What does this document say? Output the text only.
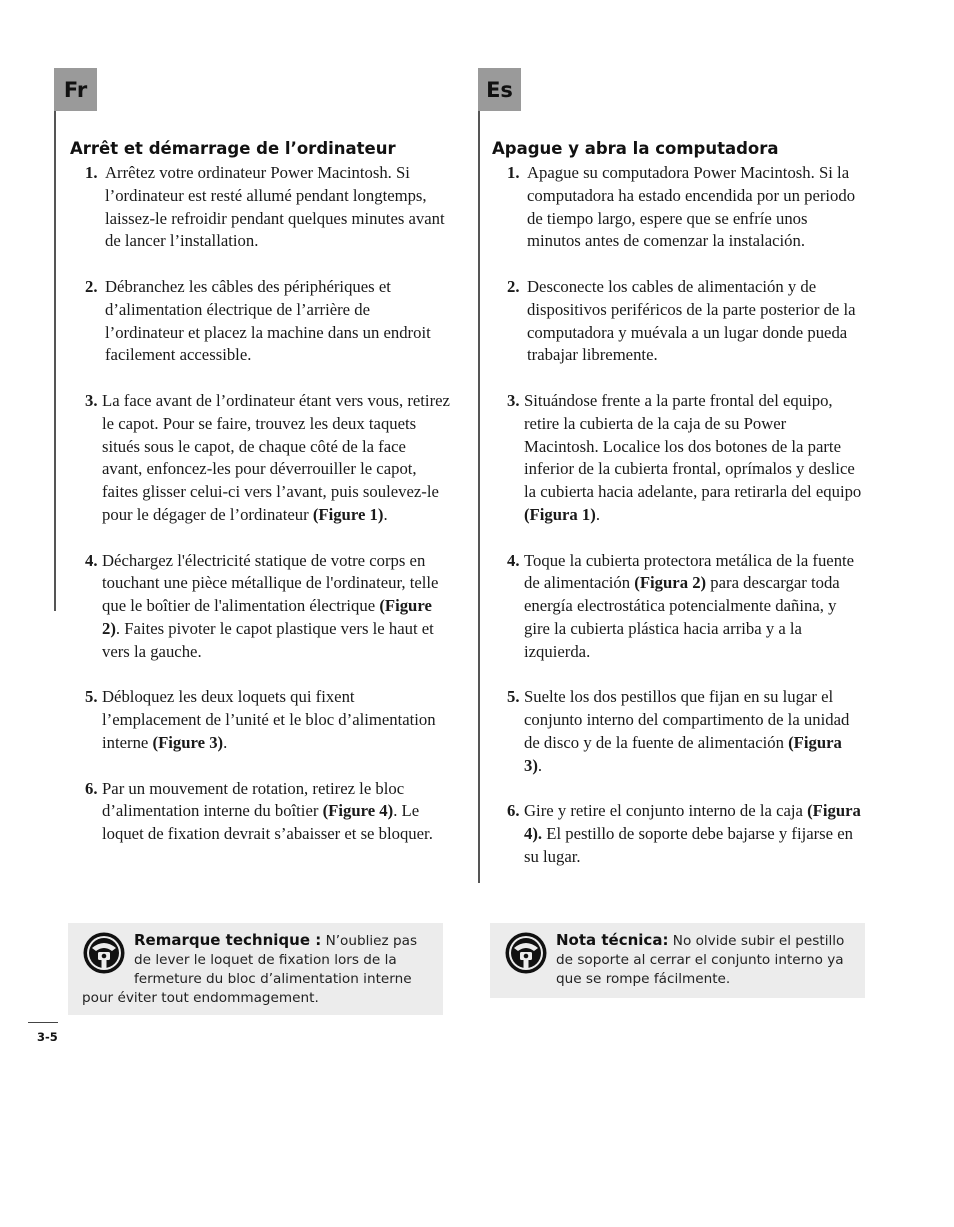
Fr	Es
Arrêt et démarrage de l’ordinateur
1. Arrêtez votre ordinateur Power Macintosh. Si l’ordinateur est resté allumé pendant longtemps, laissez-le refroidir pendant quelques minutes avant de lancer l’installation.
2. Débranchez les câbles des périphériques et d’alimentation électrique de l’arrière de l’ordinateur et placez la machine dans un endroit facilement accessible.
3. La face avant de l’ordinateur étant vers vous, retirez le capot. Pour se faire, trouvez les deux taquets situés sous le capot, de chaque côté de la face avant, enfoncez-les pour déverrouiller le capot, faites glisser celui-ci vers l’avant, puis soulevez-le pour le dégager de l’ordinateur (Figure 1).
4. Déchargez l'électricité statique de votre corps en touchant une pièce métallique de l'ordinateur, telle que le boîtier de l'alimentation électrique (Figure 2). Faites pivoter le capot plastique vers le haut et vers la gauche.
5. Débloquez les deux loquets qui fixent l’emplacement de l’unité et le bloc d’alimentation interne (Figure 3).
6. Par un mouvement de rotation, retirez le bloc d’alimentation interne du boîtier (Figure 4). Le loquet de fixation devrait s’abaisser et se bloquer.
Apague y abra la computadora
1. Apague su computadora Power Macintosh. Si la computadora ha estado encendida por un periodo de tiempo largo, espere que se enfríe unos minutos antes de comenzar la instalación.
2. Desconecte los cables de alimentación y de dispositivos periféricos de la parte posterior de la computadora y muévala a un lugar donde pueda trabajar libremente.
3. Situándose frente a la parte frontal del equipo, retire la cubierta de la caja de su Power Macintosh. Localice los dos botones de la parte inferior de la cubierta frontal, oprímalos y deslice la cubierta hacia adelante, para retirarla del equipo (Figura 1).
4. Toque la cubierta protectora metálica de la fuente de alimentación (Figura 2) para descargar toda energía electrostática potencialmente dañina, y gire la cubierta plástica hacia arriba y a la izquierda.
5. Suelte los dos pestillos que fijan en su lugar el conjunto interno del compartimento de la unidad de disco y de la fuente de alimentación (Figura 3).
6. Gire y retire el conjunto interno de la caja (Figura 4). El pestillo de soporte debe bajarse y fijarse en su lugar.
Remarque technique : N’oubliez pas de lever le loquet de fixation lors de la fermeture du bloc d’alimentation interne pour éviter tout endommagement.
Nota técnica: No olvide subir el pestillo de soporte al cerrar el conjunto interno ya que se rompe fácilmente.
3-5
